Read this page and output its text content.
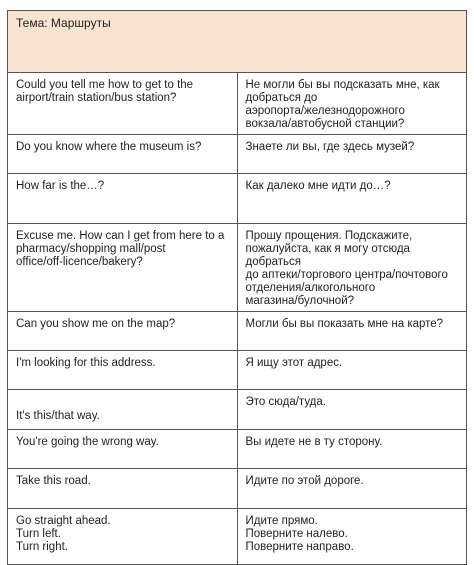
Тема: Маршруты	

Could you tell me how to get to the
airport/train station/bus station?	Не могли бы вы подсказать мне, как
добраться до
аэропорта/железнодорожного
вокзала/автобусной станции?

Do you know where the museum is?	Знаете ли вы, где здесь музей?

How far is the…?	Как далеко мне идти до…?

Excuse me. How can I get from here to a
pharmacy/shopping mall/post
office/off-licence/bakery?	Прошу прощения. Подскажите,
пожалуйста, как я могу отсюда добраться
до аптеки/торгового центра/почтового
отделения/алкогольного
магазина/булочной?

Can you show me on the map?	Могли бы вы показать мне на карте?

I'm looking for this address.	Я ищу этот адрес.

It's this/that way.	Это сюда/туда.

You're going the wrong way.	Вы идете не в ту сторону.

Take this road.	Идите по этой дороге.

Go straight ahead.
Turn left.
Turn right.	Идите прямо.
Поверните налево.
Поверните направо.
